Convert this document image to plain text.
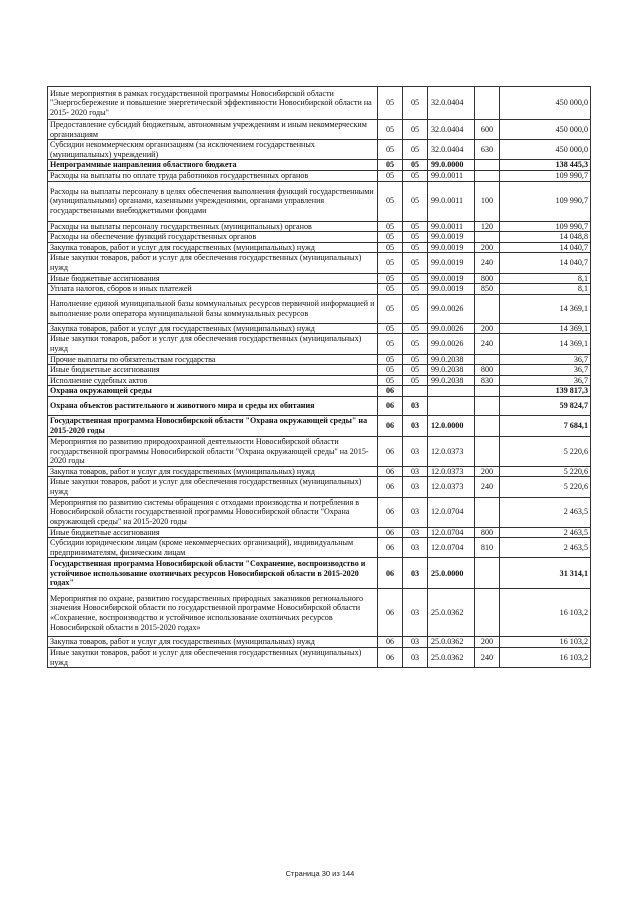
Иные мероприятия в рамках государственной программы Новосибирской области "Энергосбережение и повышение энергетической эффективности Новосибирской области на 2015- 2020 годы"	05	05	32.0.0404		450 000,0
Предоставление субсидий бюджетным, автономным учреждениям и иным некоммерческим организациям	05	05	32.0.0404	600	450 000,0
Субсидии некоммерческим организациям (за исключением государственных (муниципальных) учреждений)	05	05	32.0.0404	630	450 000,0
Непрограммные направления областного бюджета	05	05	99.0.0000		138 445,3
Расходы на выплаты по оплате труда работников государственных органов	05	05	99.0.0011		109 990,7
Расходы на выплаты персоналу в целях обеспечения выполнения функций государственными (муниципальными) органами, казенными учреждениями, органами управления государственными внебюджетными фондами	05	05	99.0.0011	100	109 990,7
Расходы на выплаты персоналу государственных (муниципальных) органов	05	05	99.0.0011	120	109 990,7
Расходы на обеспечение функций государственных органов	05	05	99.0.0019		14 048,8
Закупка товаров, работ и услуг для государственных (муниципальных) нужд	05	05	99.0.0019	200	14 040,7
Иные закупки товаров, работ и услуг для обеспечения государственных (муниципальных) нужд	05	05	99.0.0019	240	14 040,7
Иные бюджетные ассигнования	05	05	99.0.0019	800	8,1
Уплата налогов, сборов и иных платежей	05	05	99.0.0019	850	8,1
Наполнение единой муниципальной базы коммунальных ресурсов первичной информацией и выполнение роли оператора муниципальной базы коммунальных ресурсов	05	05	99.0.0026		14 369,1
Закупка товаров, работ и услуг для государственных (муниципальных) нужд	05	05	99.0.0026	200	14 369,1
Иные закупки товаров, работ и услуг для обеспечения государственных (муниципальных) нужд	05	05	99.0.0026	240	14 369,1
Прочие выплаты по обязательствам государства	05	05	99.0.2038		36,7
Иные бюджетные ассигнования	05	05	99.0.2038	800	36,7
Исполнение судебных актов	05	05	99.0.2038	830	36,7
Охрана окружающей среды	06				139 817,3
Охрана объектов растительного и животного мира и среды их обитания	06	03			59 824,7
Государственная программа Новосибирской области "Охрана окружающей среды" на 2015-2020 годы	06	03	12.0.0000		7 684,1
Мероприятия по развитию природоохранной деятельности Новосибирской области государственной программы Новосибирской области "Охрана окружающей среды" на 2015-2020 годы	06	03	12.0.0373		5 220,6
Закупка товаров, работ и услуг для государственных (муниципальных) нужд	06	03	12.0.0373	200	5 220,6
Иные закупки товаров, работ и услуг для обеспечения государственных (муниципальных) нужд	06	03	12.0.0373	240	5 220,6
Мероприятия по развитию системы обращения с отходами производства и потребления в Новосибирской области государственной программы Новосибирской области "Охрана окружающей среды" на 2015-2020 годы	06	03	12.0.0704		2 463,5
Иные бюджетные ассигнования	06	03	12.0.0704	800	2 463,5
Субсидии юридическим лицам (кроме некоммерческих организаций), индивидуальным предпринимателям, физическим лицам	06	03	12.0.0704	810	2 463,5
Государственная программа Новосибирской области "Сохранение, воспроизводство и устойчивое использование охотничьих ресурсов Новосибирской области в 2015-2020 годах"	06	03	25.0.0000		31 314,1
Мероприятия по охране, развитию государственных природных заказников регионального значения Новосибирской области по государственной программе Новосибирской области «Сохранение, воспроизводство и устойчивое использование охотничьих ресурсов Новосибирской области в 2015-2020 годах»	06	03	25.0.0362		16 103,2
Закупка товаров, работ и услуг для государственных (муниципальных) нужд	06	03	25.0.0362	200	16 103,2
Иные закупки товаров, работ и услуг для обеспечения государственных (муниципальных) нужд	06	03	25.0.0362	240	16 103,2
Страница 30 из 144
